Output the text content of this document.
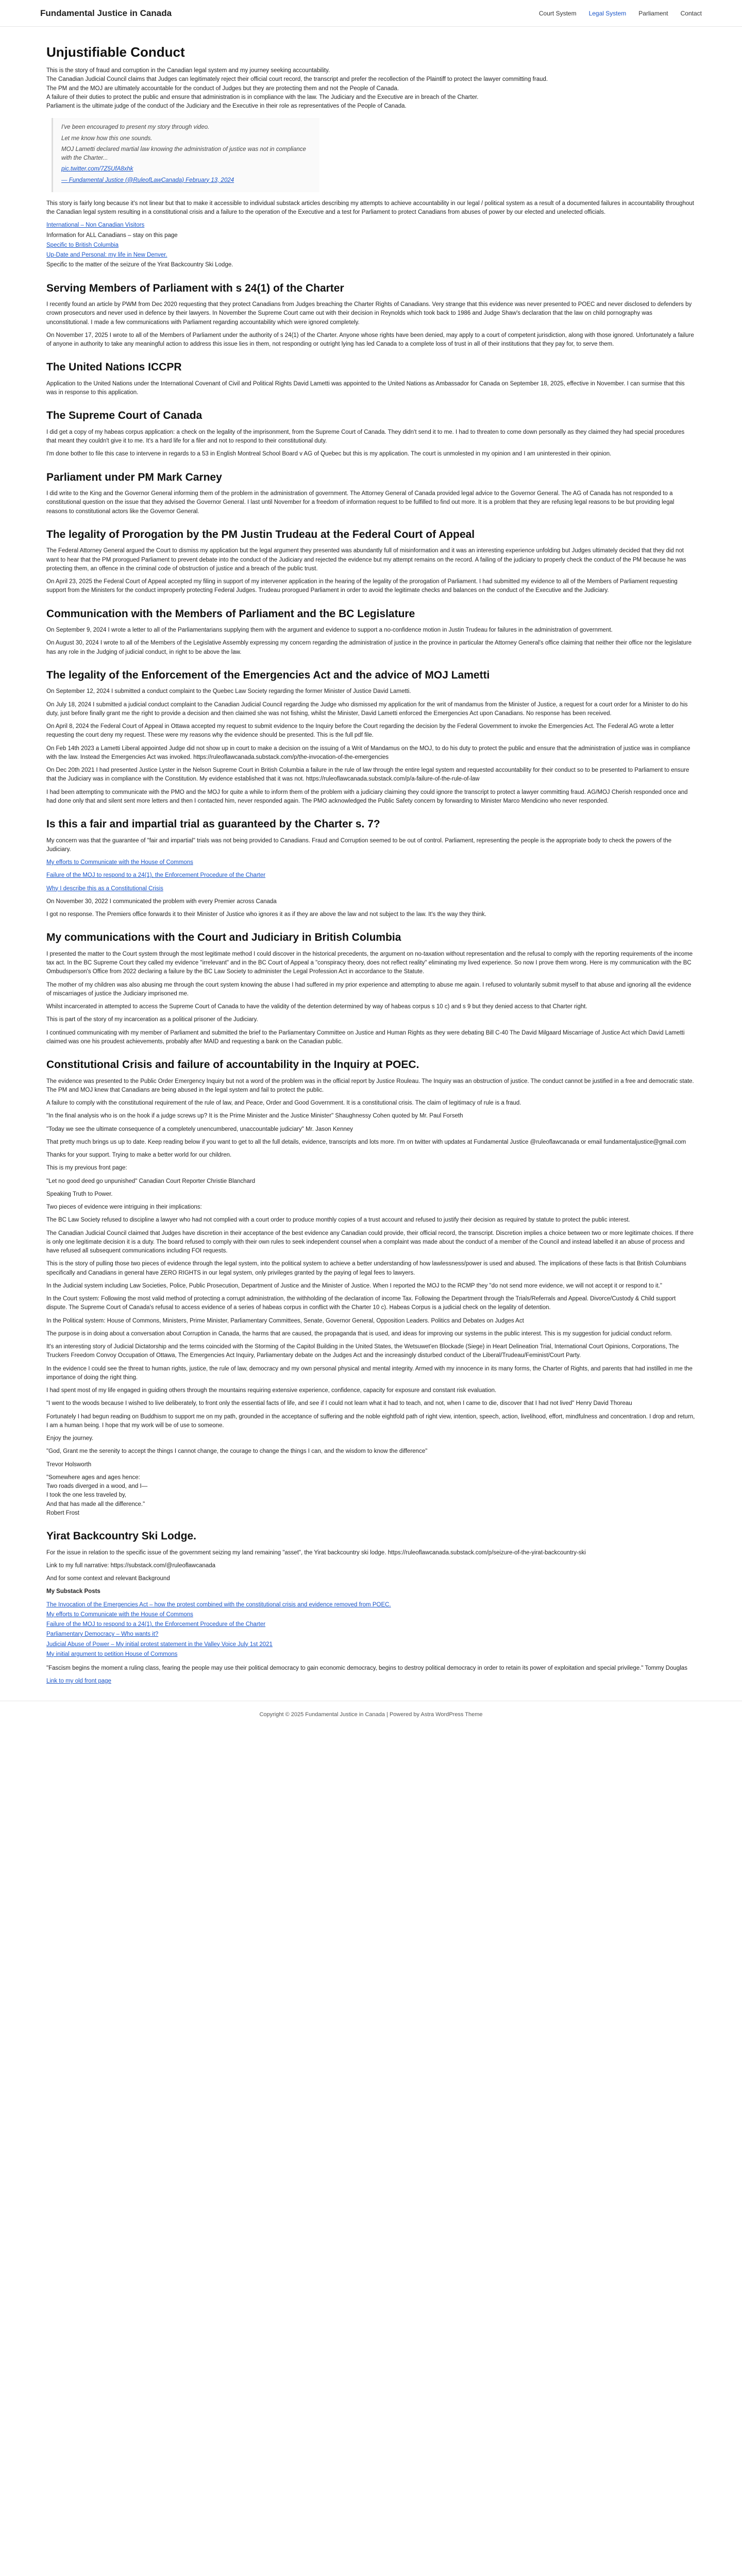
Fundamental Justice in Canada	Court System Legal System Parliament Contact
Unjustifiable Conduct

This is the story of fraud and corruption in the Canadian legal system and my journey seeking accountability.

The Canadian Judicial Council claims that Judges can legitimately reject their official court record, the transcript and prefer the recollection of the Plaintiff to protect the lawyer committing fraud.

The PM and the MOJ are ultimately accountable for the conduct of Judges but they are protecting them and not the People of Canada.

A failure of their duties to protect the public and ensure that administration is in compliance with the law. The Judiciary and the Executive are in breach of the Charter.

Parliament is the ultimate judge of the conduct of the Judiciary and the Executive in their role as representatives of the People of Canada.

I've been encouraged to present my story through video.

Let me know how this one sounds.

MOJ Lametti declared martial law knowing the administration of justice was not in compliance with the Charter...

pic.twitter.com/7Z5UfA8xhk

— Fundamental Justice (@RuleofLawCanada) February 13, 2024

This story is fairly long because it's not linear but that to make it accessible to individual substack articles describing my attempts to achieve accountability in our legal / political system as a result of a documented failures in accountability throughout the Canadian legal system resulting in a constitutional crisis and a failure to the operation of the Executive and a test for Parliament to protect Canadians from abuses of power by our elected and unelected officials.

International – Non Canadian Visitors
Information for ALL Canadians – stay on this page
Specific to British Columbia
Up-Date and Personal: my life in New Denver.
Specific to the matter of the seizure of the Yirat Backcountry Ski Lodge.
Serving Members of Parliament with s 24(1) of the Charter

I recently found an article by PWM from Dec 2020 requesting that they protect Canadians from Judges breaching the Charter Rights of Canadians. Very strange that this evidence was never presented to POEC and never disclosed to defenders by crown prosecutors and never used in defence by their lawyers. In November the Supreme Court came out with their decision in Reynolds which took back to 1986 and Judge Shaw's declaration that the law on child pornography was unconstitutional. I made a few communications with Parliament regarding accountability which were ignored completely.

On November 17, 2025 I wrote to all of the Members of Parliament under the authority of s 24(1) of the Charter. Anyone whose rights have been denied, may apply to a court of competent jurisdiction, along with those ignored. Unfortunately a failure of anyone in authority to take any meaningful action to address this issue lies in them, not responding or outright lying has led Canada to a complete loss of trust in all of their institutions that they pay for, to serve them.

The United Nations ICCPR

Application to the United Nations under the International Covenant of Civil and Political Rights David Lametti was appointed to the United Nations as Ambassador for Canada on September 18, 2025, effective in November. I can surmise that this was in response to this application.

The Supreme Court of Canada

I did get a copy of my habeas corpus application: a check on the legality of the imprisonment, from the Supreme Court of Canada. They didn't send it to me. I had to threaten to come down personally as they claimed they had special procedures that meant they couldn't give it to me. It's a hard life for a filer and not to respond to their constitutional duty.

I'm done bother to file this case to intervene in regards to a 53 in English Montreal School Board v AG of Quebec but this is my application. The court is unmolested in my opinion and I am uninterested in their opinion.

Parliament under PM Mark Carney

I did write to the King and the Governor General informing them of the problem in the administration of government. The Attorney General of Canada provided legal advice to the Governor General. The AG of Canada has not responded to a constitutional question on the issue that they advised the Governor General. I last until November for a freedom of information request to be fulfilled to find out more. It is a problem that they are refusing legal reasons to be but providing legal reasons to constitutional actors like the Governor General.

The legality of Prorogation by the PM Justin Trudeau at the Federal Court of Appeal

The Federal Attorney General argued the Court to dismiss my application but the legal argument they presented was abundantly full of misinformation and it was an interesting experience unfolding but Judges ultimately decided that they did not want to hear that the PM prorogued Parliament to prevent debate into the conduct of the Judiciary and rejected the evidence but my attempt remains on the record. A failing of the judiciary to properly check the conduct of the PM because he was protecting them, an offence in the criminal code of obstruction of justice and a breach of the public trust.

On April 23, 2025 the Federal Court of Appeal accepted my filing in support of my intervener application in the hearing of the legality of the prorogation of Parliament. I had submitted my evidence to all of the Members of Parliament requesting support from the Ministers for the conduct improperly protecting Federal Judges. Trudeau prorogued Parliament in order to avoid the legitimate checks and balances on the conduct of the Executive and the Judiciary.

Communication with the Members of Parliament and the BC Legislature

On September 9, 2024 I wrote a letter to all of the Parliamentarians supplying them with the argument and evidence to support a no-confidence motion in Justin Trudeau for failures in the administration of government.

On August 30, 2024 I wrote to all of the Members of the Legislative Assembly expressing my concern regarding the administration of justice in the province in particular the Attorney General's office claiming that neither their office nor the legislature has any role in the Judging of judicial conduct, in right to be above the law.

The legality of the Enforcement of the Emergencies Act and the advice of MOJ Lametti

On September 12, 2024 I submitted a conduct complaint to the Quebec Law Society regarding the former Minister of Justice David Lametti.

On July 18, 2024 I submitted a judicial conduct complaint to the Canadian Judicial Council regarding the Judge who dismissed my application for the writ of mandamus from the Minister of Justice, a request for a court order for a Minister to do his duty, just before finally grant me the right to provide a decision and then claimed she was not fishing, whilst the Minister, David Lametti enforced the Emergencies Act upon Canadians. No response has been received.

On April 8, 2024 the Federal Court of Appeal in Ottawa accepted my request to submit evidence to the Inquiry before the Court regarding the decision by the Federal Government to invoke the Emergencies Act. The Federal AG wrote a letter requesting the court deny my request. These were my reasons why the evidence should be presented. This is the full pdf file.

On Feb 14th 2023 a Lametti Liberal appointed Judge did not show up in court to make a decision on the issuing of a Writ of Mandamus on the MOJ, to do his duty to protect the public and ensure that the administration of justice was in compliance with the law. Instead the Emergencies Act was invoked. https://ruleoflawcanada.substack.com/p/the-invocation-of-the-emergencies

On Dec 20th 2021 I had presented Justice Lyster in the Nelson Supreme Court in British Columbia a failure in the rule of law through the entire legal system and requested accountability for their conduct so to be presented to Parliament to ensure that the Judiciary was in compliance with the Constitution. My evidence established that it was not. https://ruleoflawcanada.substack.com/p/a-failure-of-the-rule-of-law

I had been attempting to communicate with the PMO and the MOJ for quite a while to inform them of the problem with a judiciary claiming they could ignore the transcript to protect a lawyer committing fraud. AG/MOJ Cherish responded once and had done only that and silent sent more letters and then I contacted him, never responded again. The PMO acknowledged the Public Safety concern by forwarding to Minister Marco Mendicino who never responded.

Is this a fair and impartial trial as guaranteed by the Charter s. 7?

My concern was that the guarantee of "fair and impartial" trials was not being provided to Canadians. Fraud and Corruption seemed to be out of control. Parliament, representing the people is the appropriate body to check the powers of the Judiciary.

My efforts to Communicate with the House of Commons

Failure of the MOJ to respond to a 24(1), the Enforcement Procedure of the Charter

Why I describe this as a Constitutional Crisis

On November 30, 2022 I communicated the problem with every Premier across Canada

I got no response. The Premiers office forwards it to their Minister of Justice who ignores it as if they are above the law and not subject to the law. It's the way they think.

My communications with the Court and Judiciary in British Columbia

I presented the matter to the Court system through the most legitimate method I could discover in the historical precedents, the argument on no-taxation without representation and the refusal to comply with the reporting requirements of the income tax act. In the BC Supreme Court they called my evidence "irrelevant" and in the BC Court of Appeal a "conspiracy theory, does not reflect reality" eliminating my lived experience. So now I prove them wrong. Here is my communication with the BC Ombudsperson's Office from 2022 declaring a failure by the BC Law Society to administer the Legal Profession Act in accordance to the Statute.

The mother of my children was also abusing me through the court system knowing the abuse I had suffered in my prior experience and attempting to abuse me again. I refused to voluntarily submit myself to that abuse and ignoring all the evidence of miscarriages of justice the Judiciary imprisoned me.

Whilst incarcerated in attempted to access the Supreme Court of Canada to have the validity of the detention determined by way of habeas corpus s 10 c) and s 9 but they denied access to that Charter right.

This is part of the story of my incarceration as a political prisoner of the Judiciary.

I continued communicating with my member of Parliament and submitted the brief to the Parliamentary Committee on Justice and Human Rights as they were debating Bill C-40 The David Milgaard Miscarriage of Justice Act which David Lametti claimed was one his proudest achievements, probably after MAID and requesting a bank on the Canadian public.

Constitutional Crisis and failure of accountability in the Inquiry at POEC.

The evidence was presented to the Public Order Emergency Inquiry but not a word of the problem was in the official report by Justice Rouleau. The Inquiry was an obstruction of justice. The conduct cannot be justified in a free and democratic state. The PM and MOJ knew that Canadians are being abused in the legal system and fail to protect the public.

A failure to comply with the constitutional requirement of the rule of law, and Peace, Order and Good Government. It is a constitutional crisis. The claim of legitimacy of rule is a fraud.

"In the final analysis who is on the hook if a judge screws up? It is the Prime Minister and the Justice Minister" Shaughnessy Cohen quoted by Mr. Paul Forseth

"Today we see the ultimate consequence of a completely unencumbered, unaccountable judiciary" Mr. Jason Kenney

That pretty much brings us up to date. Keep reading below if you want to get to all the full details, evidence, transcripts and lots more. I'm on twitter with updates at Fundamental Justice @ruleoflawcanada or email fundamentaljustice@gmail.com

Thanks for your support. Trying to make a better world for our children.

This is my previous front page:

"Let no good deed go unpunished" Canadian Court Reporter Christie Blanchard

Speaking Truth to Power.

Two pieces of evidence were intriguing in their implications:

The BC Law Society refused to discipline a lawyer who had not complied with a court order to produce monthly copies of a trust account and refused to justify their decision as required by statute to protect the public interest.

The Canadian Judicial Council claimed that Judges have discretion in their acceptance of the best evidence any Canadian could provide, their official record, the transcript. Discretion implies a choice between two or more legitimate choices. If there is only one legitimate decision it is a duty. The board refused to comply with their own rules to seek independent counsel when a complaint was made about the conduct of a member of the Council and instead labelled it an abuse of process and have refused all subsequent communications including FOI requests.

This is the story of pulling those two pieces of evidence through the legal system, into the political system to achieve a better understanding of how lawlessness/power is used and abused. The implications of these facts is that British Columbians specifically and Canadians in general have ZERO RIGHTS in our legal system, only privileges granted by the paying of legal fees to lawyers.

In the Judicial system including Law Societies, Police, Public Prosecution, Department of Justice and the Minister of Justice. When I reported the MOJ to the RCMP they "do not send more evidence, we will not accept it or respond to it."

In the Court system: Following the most valid method of protecting a corrupt administration, the withholding of the declaration of income Tax. Following the Department through the Trials/Referrals and Appeal. Divorce/Custody & Child support dispute. The Supreme Court of Canada's refusal to access evidence of a series of habeas corpus in conflict with the Charter 10 c). Habeas Corpus is a judicial check on the legality of detention.

In the Political system: House of Commons, Ministers, Prime Minister, Parliamentary Committees, Senate, Governor General, Opposition Leaders. Politics and Debates on Judges Act

The purpose is in doing about a conversation about Corruption in Canada, the harms that are caused, the propaganda that is used, and ideas for improving our systems in the public interest. This is my suggestion for judicial conduct reform.

It's an interesting story of Judicial Dictatorship and the terms coincided with the Storming of the Capitol Building in the United States, the Wetsuwet'en Blockade (Siege) in Heart Delineation Trial, International Court Opinions, Corporations, The Truckers Freedom Convoy Occupation of Ottawa, The Emergencies Act Inquiry, Parliamentary debate on the Judges Act and the increasingly disturbed conduct of the Liberal/Trudeau/Feminist/Court Party.

In the evidence I could see the threat to human rights, justice, the rule of law, democracy and my own personal physical and mental integrity. Armed with my innocence in its many forms, the Charter of Rights, and parents that had instilled in me the importance of doing the right thing.

I had spent most of my life engaged in guiding others through the mountains requiring extensive experience, confidence, capacity for exposure and constant risk evaluation.

"I went to the woods because I wished to live deliberately, to front only the essential facts of life, and see if I could not learn what it had to teach, and not, when I came to die, discover that I had not lived" Henry David Thoreau

Fortunately I had begun reading on Buddhism to support me on my path, grounded in the acceptance of suffering and the noble eightfold path of right view, intention, speech, action, livelihood, effort, mindfulness and concentration. I drop and return, I am a human being. I hope that my work will be of use to someone.

Enjoy the journey.

"God, Grant me the serenity to accept the things I cannot change, the courage to change the things I can, and the wisdom to know the difference"

Trevor Holsworth

"Somewhere ages and ages hence:

Two roads diverged in a wood, and I—

I took the one less traveled by,

And that has made all the difference."

Robert Frost

Yirat Backcountry Ski Lodge.

For the issue in relation to the specific issue of the government seizing my land remaining "asset", the Yirat backcountry ski lodge. https://ruleoflawcanada.substack.com/p/seizure-of-the-yirat-backcountry-ski

Link to my full narrative: https://substack.com/@ruleoflawcanada

And for some context and relevant Background

My Substack Posts

The Invocation of the Emergencies Act – how the protest combined with the constitutional crisis and evidence removed from POEC.
My efforts to Communicate with the House of Commons
Failure of the MOJ to respond to a 24(1), the Enforcement Procedure of the Charter
Parliamentary Democracy – Who wants it?
Judicial Abuse of Power – My initial protest statement in the Valley Voice July 1st 2021
My initial argument to petition House of Commons

"Fascism begins the moment a ruling class, fearing the people may use their political democracy to gain economic democracy, begins to destroy political democracy in order to retain its power of exploitation and special privilege." Tommy Douglas

Link to my old front page

Copyright © 2025 Fundamental Justice in Canada | Powered by Astra WordPress Theme
